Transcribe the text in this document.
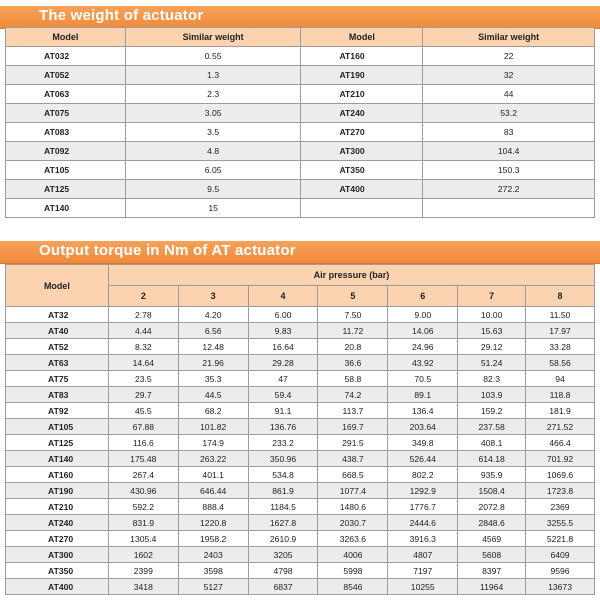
The weight of actuator
Model	Similar weight	Model	Similar weight
AT032	0.55	AT160	22
AT052	1.3	AT190	32
AT063	2.3	AT210	44
AT075	3.05	AT240	53.2
AT083	3.5	AT270	83
AT092	4.8	AT300	104.4
AT105	6.05	AT350	150.3
AT125	9.5	AT400	272.2
AT140	15		
Output torque in Nm of AT actuator
Model	Air pressure (bar)						
	2	3	4	5	6	7	8
AT32	2.78	4.20	6.00	7.50	9.00	10.00	11.50
AT40	4.44	6.56	9.83	11.72	14.06	15.63	17.97
AT52	8.32	12.48	16.64	20.8	24.96	29.12	33.28
AT63	14.64	21.96	29.28	36.6	43.92	51.24	58.56
AT75	23.5	35.3	47	58.8	70.5	82.3	94
AT83	29.7	44.5	59.4	74.2	89.1	103.9	118.8
AT92	45.5	68.2	91.1	113.7	136.4	159.2	181.9
AT105	67.88	101.82	136.76	169.7	203.64	237.58	271.52
AT125	116.6	174.9	233.2	291.5	349.8	408.1	466.4
AT140	175.48	263.22	350.96	438.7	526.44	614.18	701.92
AT160	267.4	401.1	534.8	668.5	802.2	935.9	1069.6
AT190	430.96	646.44	861.9	1077.4	1292.9	1508.4	1723.8
AT210	592.2	888.4	1184.5	1480.6	1776.7	2072.8	2369
AT240	831.9	1220.8	1627.8	2030.7	2444.6	2848.6	3255.5
AT270	1305.4	1958.2	2610.9	3263.6	3916.3	4569	5221.8
AT300	1602	2403	3205	4006	4807	5608	6409
AT350	2399	3598	4798	5998	7197	8397	9596
AT400	3418	5127	6837	8546	10255	11964	13673
